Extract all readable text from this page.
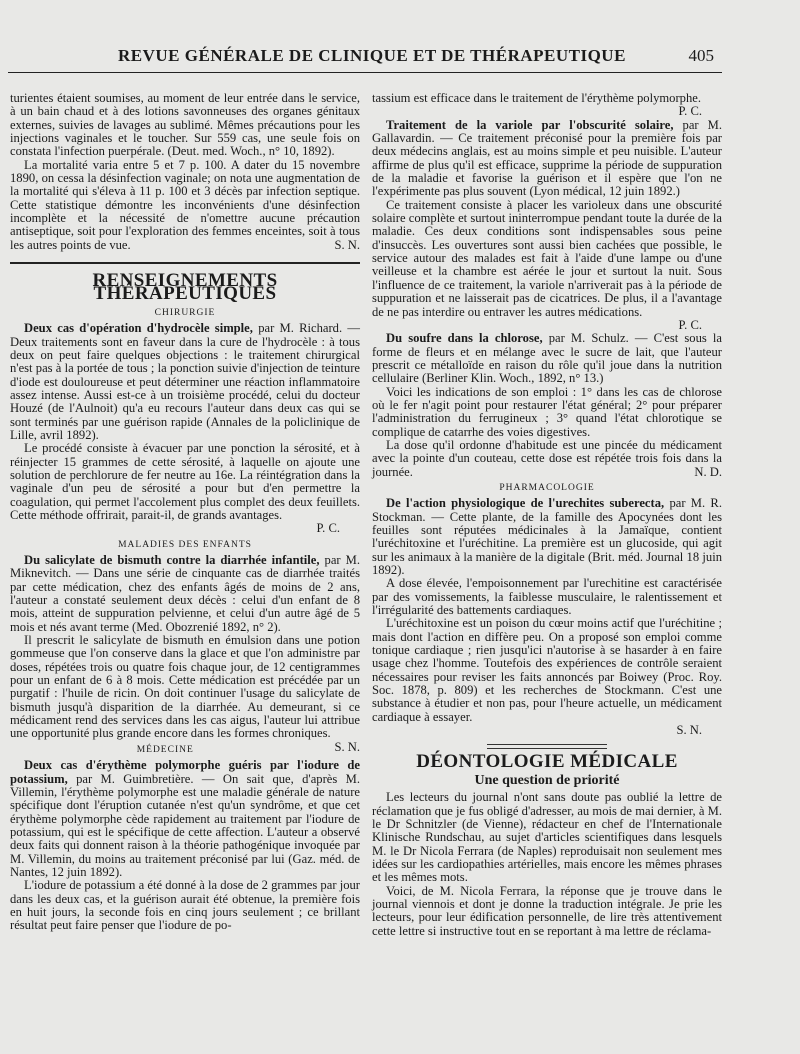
REVUE GÉNÉRALE DE CLINIQUE ET DE THÉRAPEUTIQUE	405

turientes étaient soumises, au moment de leur entrée dans le service, à un bain chaud et à des lotions savonneuses des organes génitaux externes, suivies de lavages au sublimé. Mêmes précautions pour les injections vaginales et le toucher. Sur 559 cas, une seule fois on constata l'infection puerpérale. (Deut. med. Woch., n° 10, 1892).

La mortalité varia entre 5 et 7 p. 100. A dater du 15 novembre 1890, on cessa la désinfection vaginale; on nota une augmentation de la mortalité qui s'éleva à 11 p. 100 et 3 décès par infection septique. Cette statistique démontre les inconvénients d'une désinfection incomplète et la nécessité de n'omettre aucune précaution antiseptique, soit pour l'exploration des femmes enceintes, soit à tous les autres points de vue.	S. N.

RENSEIGNEMENTS THÉRAPEUTIQUES
CHIRURGIE

Deux cas d'opération d'hydrocèle simple, par M. Richard. — Deux traitements sont en faveur dans la cure de l'hydrocèle : à tous deux on peut faire quelques objections : le traitement chirurgical n'est pas à la portée de tous ; la ponction suivie d'injection de teinture d'iode est douloureuse et peut déterminer une réaction inflammatoire assez intense. Aussi est-ce à un troisième procédé, celui du docteur Houzé (de l'Aulnoit) qu'a eu recours l'auteur dans deux cas qui se sont terminés par une guérison rapide (Annales de la policlinique de Lille, avril 1892).

Le procédé consiste à évacuer par une ponction la sérosité, et à réinjecter 15 grammes de cette sérosité, à laquelle on ajoute une solution de perchlorure de fer neutre au 16e. La réintégration dans la vaginale d'un peu de sérosité a pour but d'en permettre la coagulation, qui permet l'accolement plus complet des deux feuillets. Cette méthode offrirait, parait-il, de grands avantages.

P. C.
MALADIES DES ENFANTS

Du salicylate de bismuth contre la diarrhée infantile, par M. Miknevitch. — Dans une série de cinquante cas de diarrhée traités par cette médication, chez des enfants âgés de moins de 2 ans, l'auteur a constaté seulement deux décès : celui d'un enfant de 8 mois, atteint de suppuration pelvienne, et celui d'un autre âgé de 5 mois et nés avant terme (Med. Obozrenié 1892, n° 2).

Il prescrit le salicylate de bismuth en émulsion dans une potion gommeuse que l'on conserve dans la glace et que l'on administre par doses, répétées trois ou quatre fois chaque jour, de 12 centigrammes pour un enfant de 6 à 8 mois. Cette médication est précédée par un purgatif : l'huile de ricin. On doit continuer l'usage du salicylate de bismuth jusqu'à disparition de la diarrhée. Au demeurant, si ce médicament rend des services dans les cas aigus, l'auteur lui attribue une opportunité plus grande encore dans les formes chroniques.
S. N.

MÉDECINE

Deux cas d'érythème polymorphe guéris par l'iodure de potassium, par M. Guimbretière. — On sait que, d'après M. Villemin, l'érythème polymorphe est une maladie générale de nature spécifique dont l'éruption cutanée n'est qu'un syndrôme, et que cet érythème polymorphe cède rapidement au traitement par l'iodure de potassium, qui est le spécifique de cette affection. L'auteur a observé deux faits qui donnent raison à la théorie pathogénique invoquée par M. Villemin, du moins au traitement préconisé par lui (Gaz. méd. de Nantes, 12 juin 1892).

L'iodure de potassium a été donné à la dose de 2 grammes par jour dans les deux cas, et la guérison aurait été obtenue, la première fois en huit jours, la seconde fois en cinq jours seulement ; ce brillant résultat peut faire penser que l'iodure de po-

tassium est efficace dans le traitement de l'érythème polymorphe.

P. C.

Traitement de la variole par l'obscurité solaire, par M. Gallavardin. — Ce traitement préconisé pour la première fois par deux médecins anglais, est au moins simple et peu nuisible. L'auteur affirme de plus qu'il est efficace, supprime la période de suppuration de la maladie et favorise la guérison et il espère que l'on ne l'expérimente pas plus souvent (Lyon médical, 12 juin 1892.)

Ce traitement consiste à placer les varioleux dans une obscurité solaire complète et surtout ininterrompue pendant toute la durée de la maladie. Ces deux conditions sont indispensables sous peine d'insuccès. Les ouvertures sont aussi bien cachées que possible, le service autour des malades est fait à l'aide d'une lampe ou d'une veilleuse et la chambre est aérée le jour et surtout la nuit. Sous l'influence de ce traitement, la variole n'arriverait pas à la période de suppuration et ne laisserait pas de cicatrices. De plus, il a l'avantage de ne pas interdire ou entraver les autres médications.

P. C.

Du soufre dans la chlorose, par M. Schulz. — C'est sous la forme de fleurs et en mélange avec le sucre de lait, que l'auteur prescrit ce métalloïde en raison du rôle qu'il joue dans la nutrition cellulaire (Berliner Klin. Woch., 1892, n° 13.)

Voici les indications de son emploi : 1° dans les cas de chlorose où le fer n'agit point pour restaurer l'état général; 2° pour préparer l'administration du ferrugineux ; 3° quand l'état chlorotique se complique de catarrhe des voies digestives.

La dose qu'il ordonne d'habitude est une pincée du médicament avec la pointe d'un couteau, cette dose est répétée trois fois dans la journée.	N. D.

PHARMACOLOGIE

De l'action physiologique de l'urechites suberecta, par M. R. Stockman. — Cette plante, de la famille des Apocynées dont les feuilles sont réputées médicinales à la Jamaïque, contient l'uréchitoxine et l'uréchitine. La première est un glucoside, qui agit sur les animaux à la manière de la digitale (Brit. méd. Journal 18 juin 1892).

A dose élevée, l'empoisonnement par l'urechitine est caractérisée par des vomissements, la faiblesse musculaire, le ralentissement et l'irrégularité des battements cardiaques.

L'uréchitoxine est un poison du cœur moins actif que l'uréchitine ; mais dont l'action en diffère peu. On a proposé son emploi comme tonique cardiaque ; rien jusqu'ici n'autorise à se hasarder à en faire usage chez l'homme. Toutefois des expériences de contrôle seraient nécessaires pour reviser les faits annoncés par Boiwey (Proc. Roy. Soc. 1878, p. 809) et les recherches de Stockmann. C'est une substance à étudier et non pas, pour l'heure actuelle, un médicament cardiaque à essayer.

S. N.
DÉONTOLOGIE MÉDICALE
Une question de priorité

Les lecteurs du journal n'ont sans doute pas oublié la lettre de réclamation que je fus obligé d'adresser, au mois de mai dernier, à M. le Dr Schnitzler (de Vienne), rédacteur en chef de l'Internationale Klinische Rundschau, au sujet d'articles scientifiques dans lesquels M. le Dr Nicola Ferrara (de Naples) reproduisait non seulement mes idées sur les cardiopathies artérielles, mais encore les mêmes phrases et les mêmes mots.

Voici, de M. Nicola Ferrara, la réponse que je trouve dans le journal viennois et dont je donne la traduction intégrale. Je prie les lecteurs, pour leur édification personnelle, de lire très attentivement cette lettre si instructive tout en se reportant à ma lettre de réclama-
